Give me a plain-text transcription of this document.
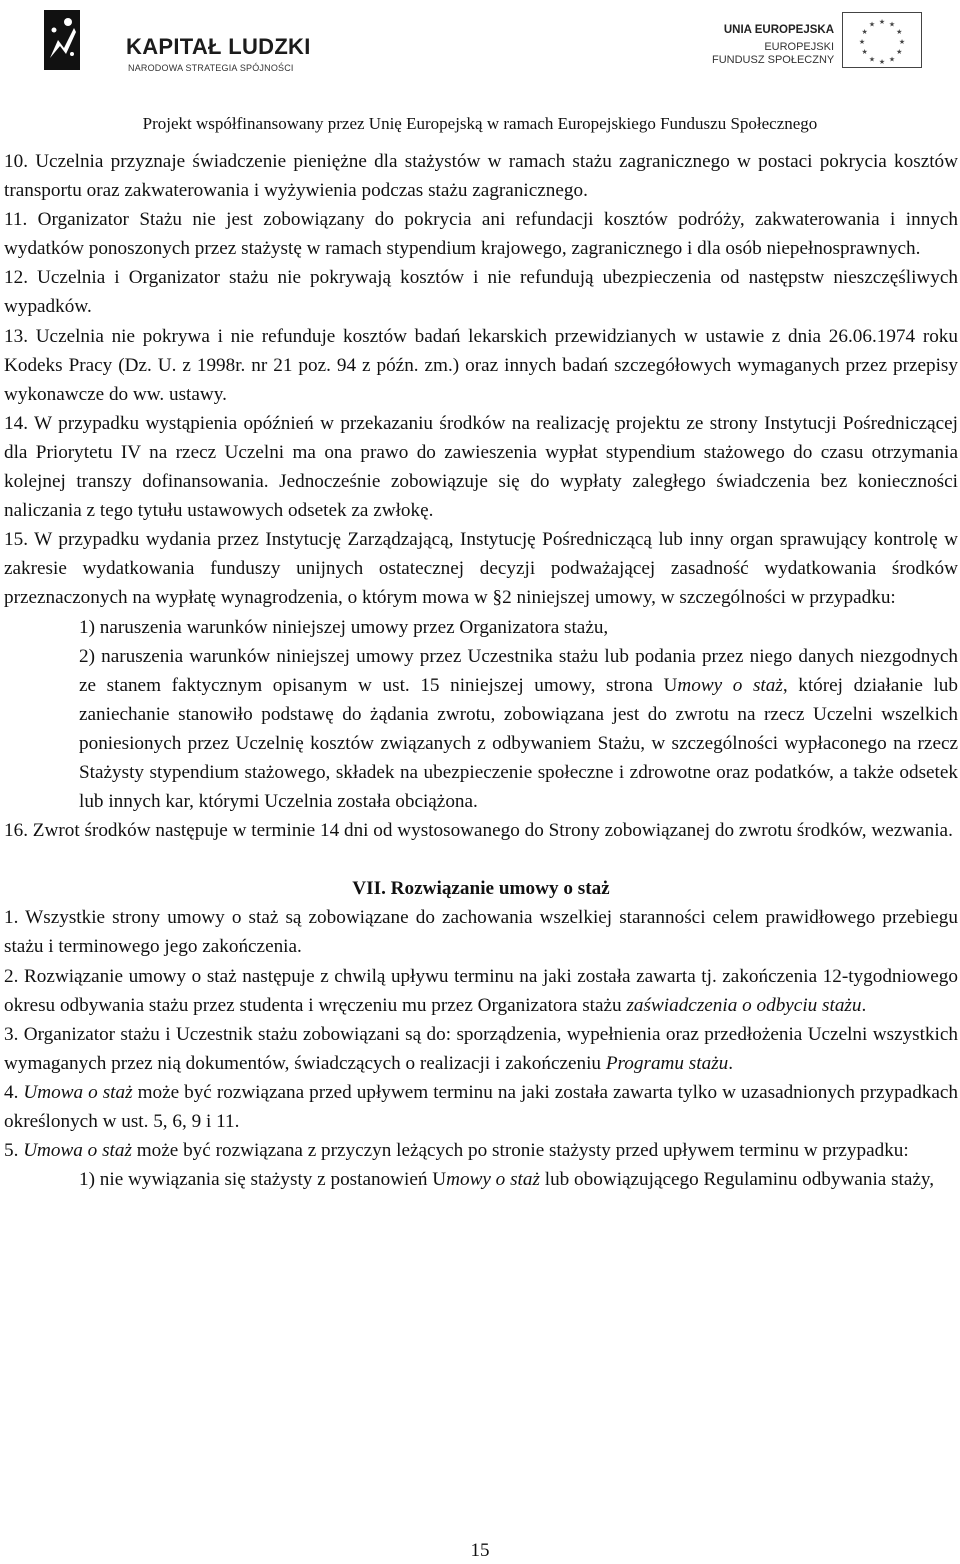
KAPITAŁ LUDZKI
NARODOWA STRATEGIA SPÓJNOŚCI
UNIA EUROPEJSKA
EUROPEJSKI
FUNDUSZ SPOŁECZNY
★ ★
★
★
★
★
★
★
★
★
★
★
Projekt współfinansowany przez Unię Europejską w ramach Europejskiego Funduszu Społecznego

10. Uczelnia przyznaje świadczenie pieniężne dla stażystów w ramach stażu zagranicznego w postaci pokrycia kosztów transportu oraz zakwaterowania i wyżywienia podczas stażu zagranicznego.

11. Organizator Stażu nie jest zobowiązany do pokrycia ani refundacji kosztów podróży, zakwaterowania i innych wydatków ponoszonych przez stażystę w ramach stypendium krajowego, zagranicznego i dla osób niepełnosprawnych.

12. Uczelnia i Organizator stażu nie pokrywają kosztów i nie refundują ubezpieczenia od następstw nieszczęśliwych wypadków.

13. Uczelnia nie pokrywa i nie refunduje kosztów badań lekarskich przewidzianych w ustawie z dnia 26.06.1974 roku Kodeks Pracy (Dz. U. z 1998r. nr 21 poz. 94 z późn. zm.) oraz innych badań szczegółowych wymaganych przez przepisy wykonawcze do ww. ustawy.

14. W przypadku wystąpienia opóźnień w przekazaniu środków na realizację projektu ze strony Instytucji Pośredniczącej dla Priorytetu IV na rzecz Uczelni ma ona prawo do zawieszenia wypłat stypendium stażowego do czasu otrzymania kolejnej transzy dofinansowania. Jednocześnie zobowiązuje się do wypłaty zaległego świadczenia bez konieczności naliczania z tego tytułu ustawowych odsetek za zwłokę.

15. W przypadku wydania przez Instytucję Zarządzającą, Instytucję Pośredniczącą lub inny organ sprawujący kontrolę w zakresie wydatkowania funduszy unijnych ostatecznej decyzji podważającej zasadność wydatkowania środków przeznaczonych na wypłatę wynagrodzenia, o którym mowa w §2 niniejszej umowy, w szczególności w przypadku:

1) naruszenia warunków niniejszej umowy przez Organizatora stażu,

2) naruszenia warunków niniejszej umowy przez Uczestnika stażu lub podania przez niego danych niezgodnych ze stanem faktycznym opisanym w ust. 15 niniejszej umowy, strona Umowy o staż, której działanie lub zaniechanie stanowiło podstawę do żądania zwrotu, zobowiązana jest do zwrotu na rzecz Uczelni wszelkich poniesionych przez Uczelnię kosztów związanych z odbywaniem Stażu, w szczególności wypłaconego na rzecz Stażysty stypendium stażowego, składek na ubezpieczenie społeczne i zdrowotne oraz podatków, a także odsetek lub innych kar, którymi Uczelnia została obciążona.

16. Zwrot środków następuje w terminie 14 dni od wystosowanego do Strony zobowiązanej do zwrotu środków, wezwania.

VII. Rozwiązanie umowy o staż

1. Wszystkie strony umowy o staż są zobowiązane do zachowania wszelkiej staranności celem prawidłowego przebiegu stażu i terminowego jego zakończenia.

2. Rozwiązanie umowy o staż następuje z chwilą upływu terminu na jaki została zawarta tj. zakończenia 12-tygodniowego okresu odbywania stażu przez studenta i wręczeniu mu przez Organizatora stażu zaświadczenia o odbyciu stażu.

3. Organizator stażu i Uczestnik stażu zobowiązani są do: sporządzenia, wypełnienia oraz przedłożenia Uczelni wszystkich wymaganych przez nią dokumentów, świadczących o realizacji i zakończeniu Programu stażu.

4. Umowa o staż może być rozwiązana przed upływem terminu na jaki została zawarta tylko w uzasadnionych przypadkach określonych w ust. 5, 6, 9 i 11.

5. Umowa o staż może być rozwiązana z przyczyn leżących po stronie stażysty przed upływem terminu w przypadku:

1) nie wywiązania się stażysty z postanowień Umowy o staż lub obowiązującego Regulaminu odbywania staży,

15
